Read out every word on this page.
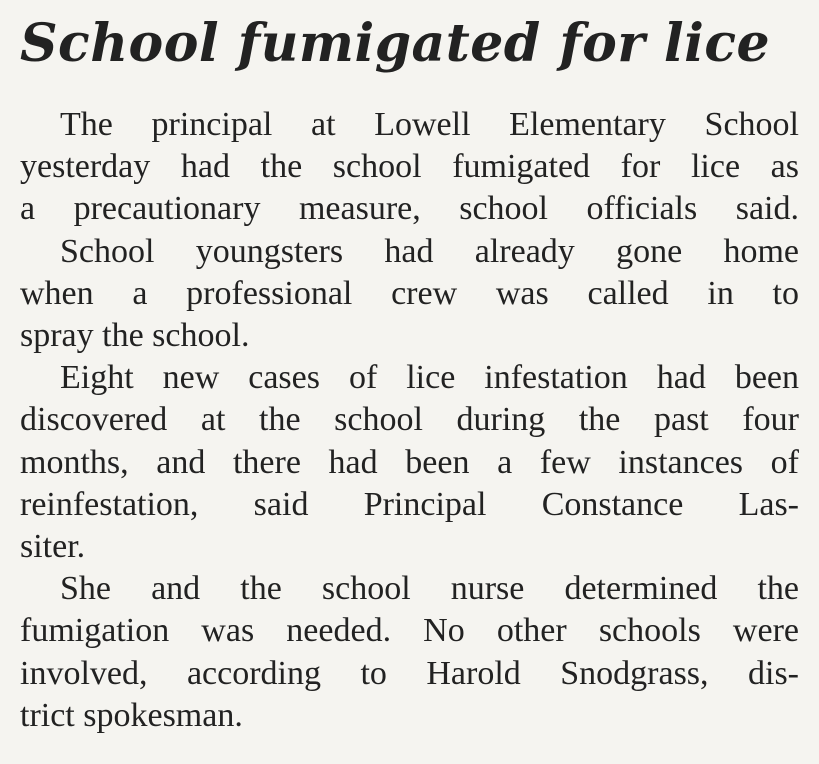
School fumigated for lice

The principal at Lowell Elementary School
yesterday had the school fumigated for lice as
a precautionary measure, school officials said.

School youngsters had already gone home
when a professional crew was called in to
spray the school.

Eight new cases of lice infestation had been
discovered at the school during the past four
months, and there had been a few instances of
reinfestation, said Principal Constance Las-
siter.

She and the school nurse determined the
fumigation was needed. No other schools were
involved, according to Harold Snodgrass, dis-
trict spokesman.
